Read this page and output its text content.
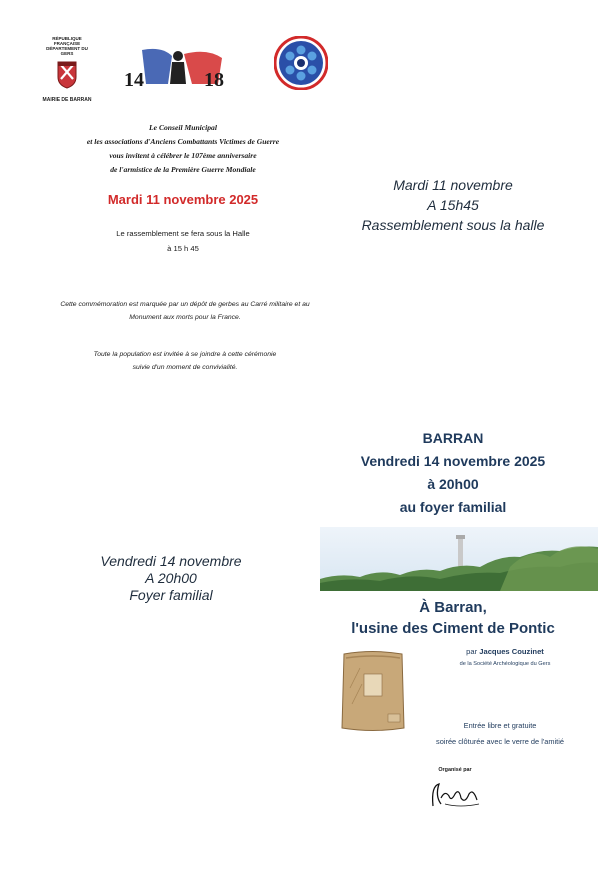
RÉPUBLIQUE FRANÇAISE
DÉPARTEMENT DU GERS
MAIRIE DE BARRAN
14	18

Le Conseil Municipal

et les associations d'Anciens Combattants Victimes de Guerre

vous invitent à célébrer le 107ème anniversaire

de l'armistice de la Première Guerre Mondiale

Mardi 11 novembre 2025

Le rassemblement se fera sous la Halle

à 15 h 45

Cette commémoration est marquée par un dépôt de gerbes au Carré militaire et au

Monument aux morts pour la France.

Toute la population est invitée à se joindre à cette cérémonie

suivie d'un moment de convivialité.

Mardi 11 novembre

A 15h45

Rassemblement sous la halle

BARRAN

Vendredi 14 novembre 2025

à 20h00

au foyer familial

Vendredi 14 novembre

A 20h00

Foyer familial

À Barran,

l'usine des Ciment de Pontic

par Jacques Couzinet
de la Société Archéologique du Gers

Entrée libre et gratuite

soirée clôturée avec le verre de l'amitié

Organisé par
